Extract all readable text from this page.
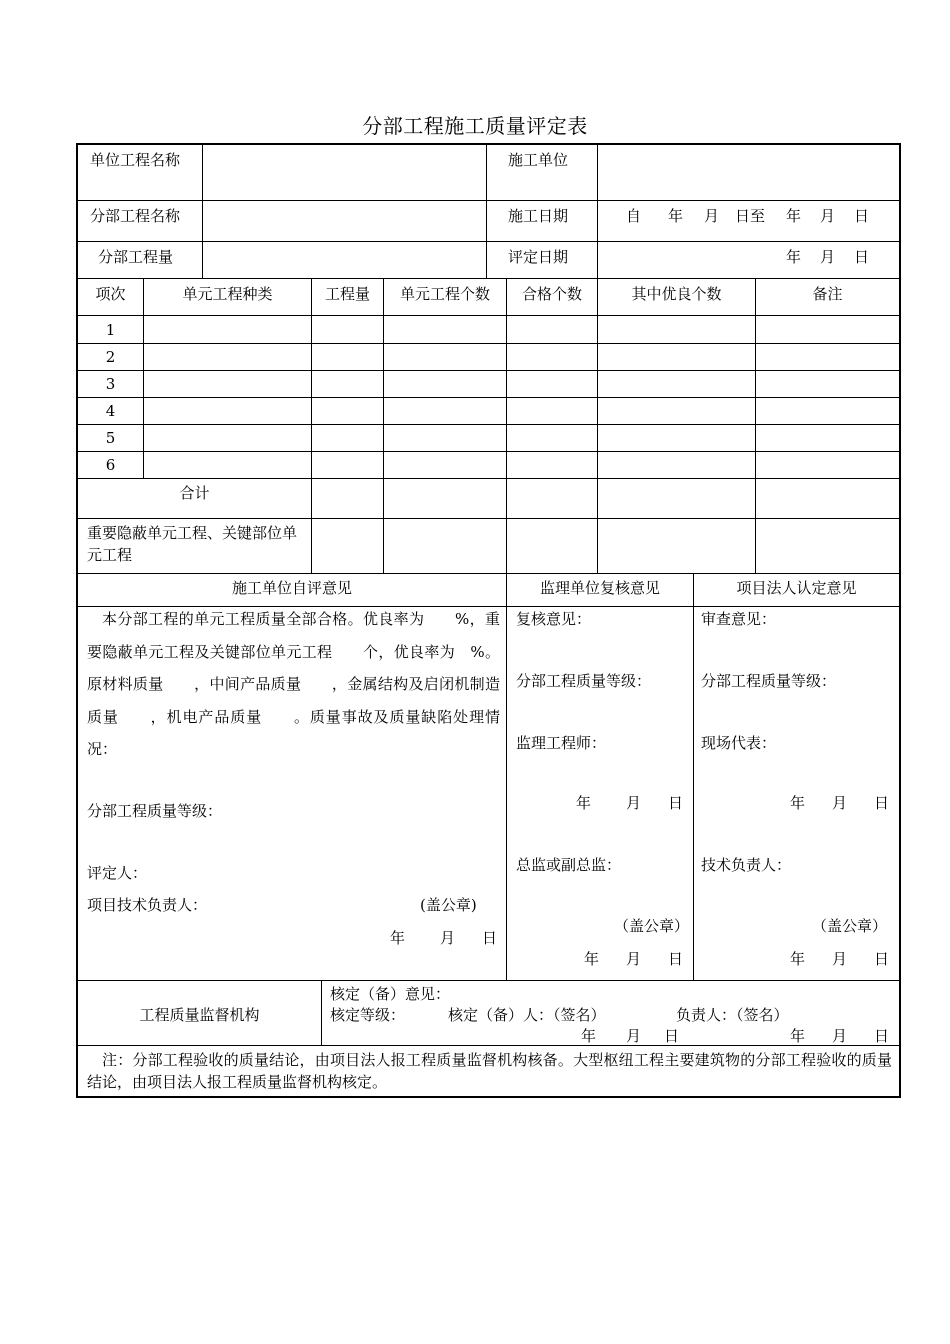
分部工程施工质量评定表
单位工程名称	施工单位
分部工程名称	施工日期	自 年 月 日至 年 月 日
分部工程量	评定日期	年 月 日
项次	单元工程种类	工程量	单元工程个数	合格个数	其中优良个数	备注
1
2
3
4
5
6
合计
重要隐蔽单元工程、关键部位单元工程
施工单位自评意见	监理单位复核意见	项目法人认定意见
本分部工程的单元工程质量全部合格。优良率为　　%，重要隐蔽单元工程及关键部位单元工程　　个，优良率为　%。原材料质量　　，中间产品质量　　，金属结构及启闭机制造质量　　，机电产品质量　　。质量事故及质量缺陷处理情况：
分部工程质量等级：
评定人：
项目技术负责人：	(盖公章)
年 月 日
复核意见：
分部工程质量等级：
监理工程师：
年 月 日
总监或副总监：
（盖公章）
年 月 日
审查意见：
分部工程质量等级：
现场代表：
年 月 日
技术负责人：
（盖公章）
年 月 日
工程质量监督机构
核定（备）意见：
核定等级：	核定（备）人：（签名）	负责人：（签名）
年 月 日	年 月 日
注：分部工程验收的质量结论，由项目法人报工程质量监督机构核备。大型枢纽工程主要建筑物的分部工程验收的质量结论，由项目法人报工程质量监督机构核定。
